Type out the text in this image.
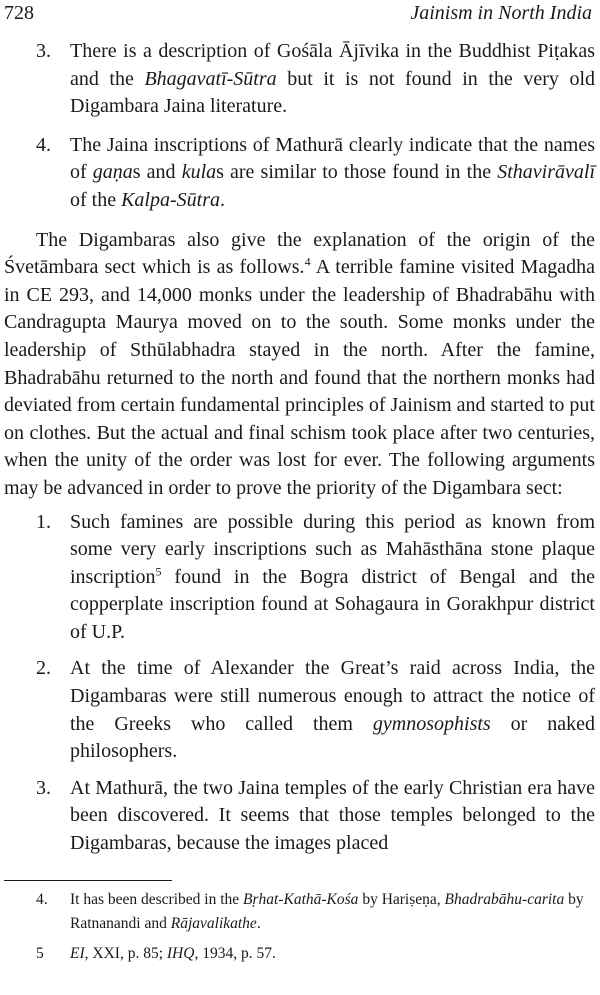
728	Jainism in North India
3. There is a description of Gośāla Ājīvika in the Buddhist Piṭakas and the Bhagavatī-Sūtra but it is not found in the very old Digambara Jaina literature.
4. The Jaina inscriptions of Mathurā clearly indicate that the names of gaṇas and kulas are similar to those found in the Sthavirāvalī of the Kalpa-Sūtra.

The Digambaras also give the explanation of the origin of the Śvetāmbara sect which is as follows.$^4$ A terrible famine visited Magadha in CE 293, and 14,000 monks under the leadership of Bhadrabāhu with Candragupta Maurya moved on to the south. Some monks under the leadership of Sthūlabhadra stayed in the north. After the famine, Bhadrabāhu returned to the north and found that the northern monks had deviated from certain fundamental principles of Jainism and started to put on clothes. But the actual and final schism took place after two centuries, when the unity of the order was lost for ever. The following arguments may be advanced in order to prove the priority of the Digambara sect:

1. Such famines are possible during this period as known from some very early inscriptions such as Mahāsthāna stone plaque inscription$^5$ found in the Bogra district of Bengal and the copperplate inscription found at Sohagaura in Gorakhpur district of U.P.
2. At the time of Alexander the Great’s raid across India, the Digambaras were still numerous enough to attract the notice of the Greeks who called them gymnosophists or naked philosophers.
3. At Mathurā, the two Jaina temples of the early Christian era have been discovered. It seems that those temples belonged to the Digambaras, because the images placed
4.	It has been described in the Bṛhat-Kathā-Kośa by Hariṣeṇa, Bhadrabāhu-carita by Ratnanandi and Rājavalikathe.
5	EI, XXI, p. 85; IHQ, 1934, p. 57.
